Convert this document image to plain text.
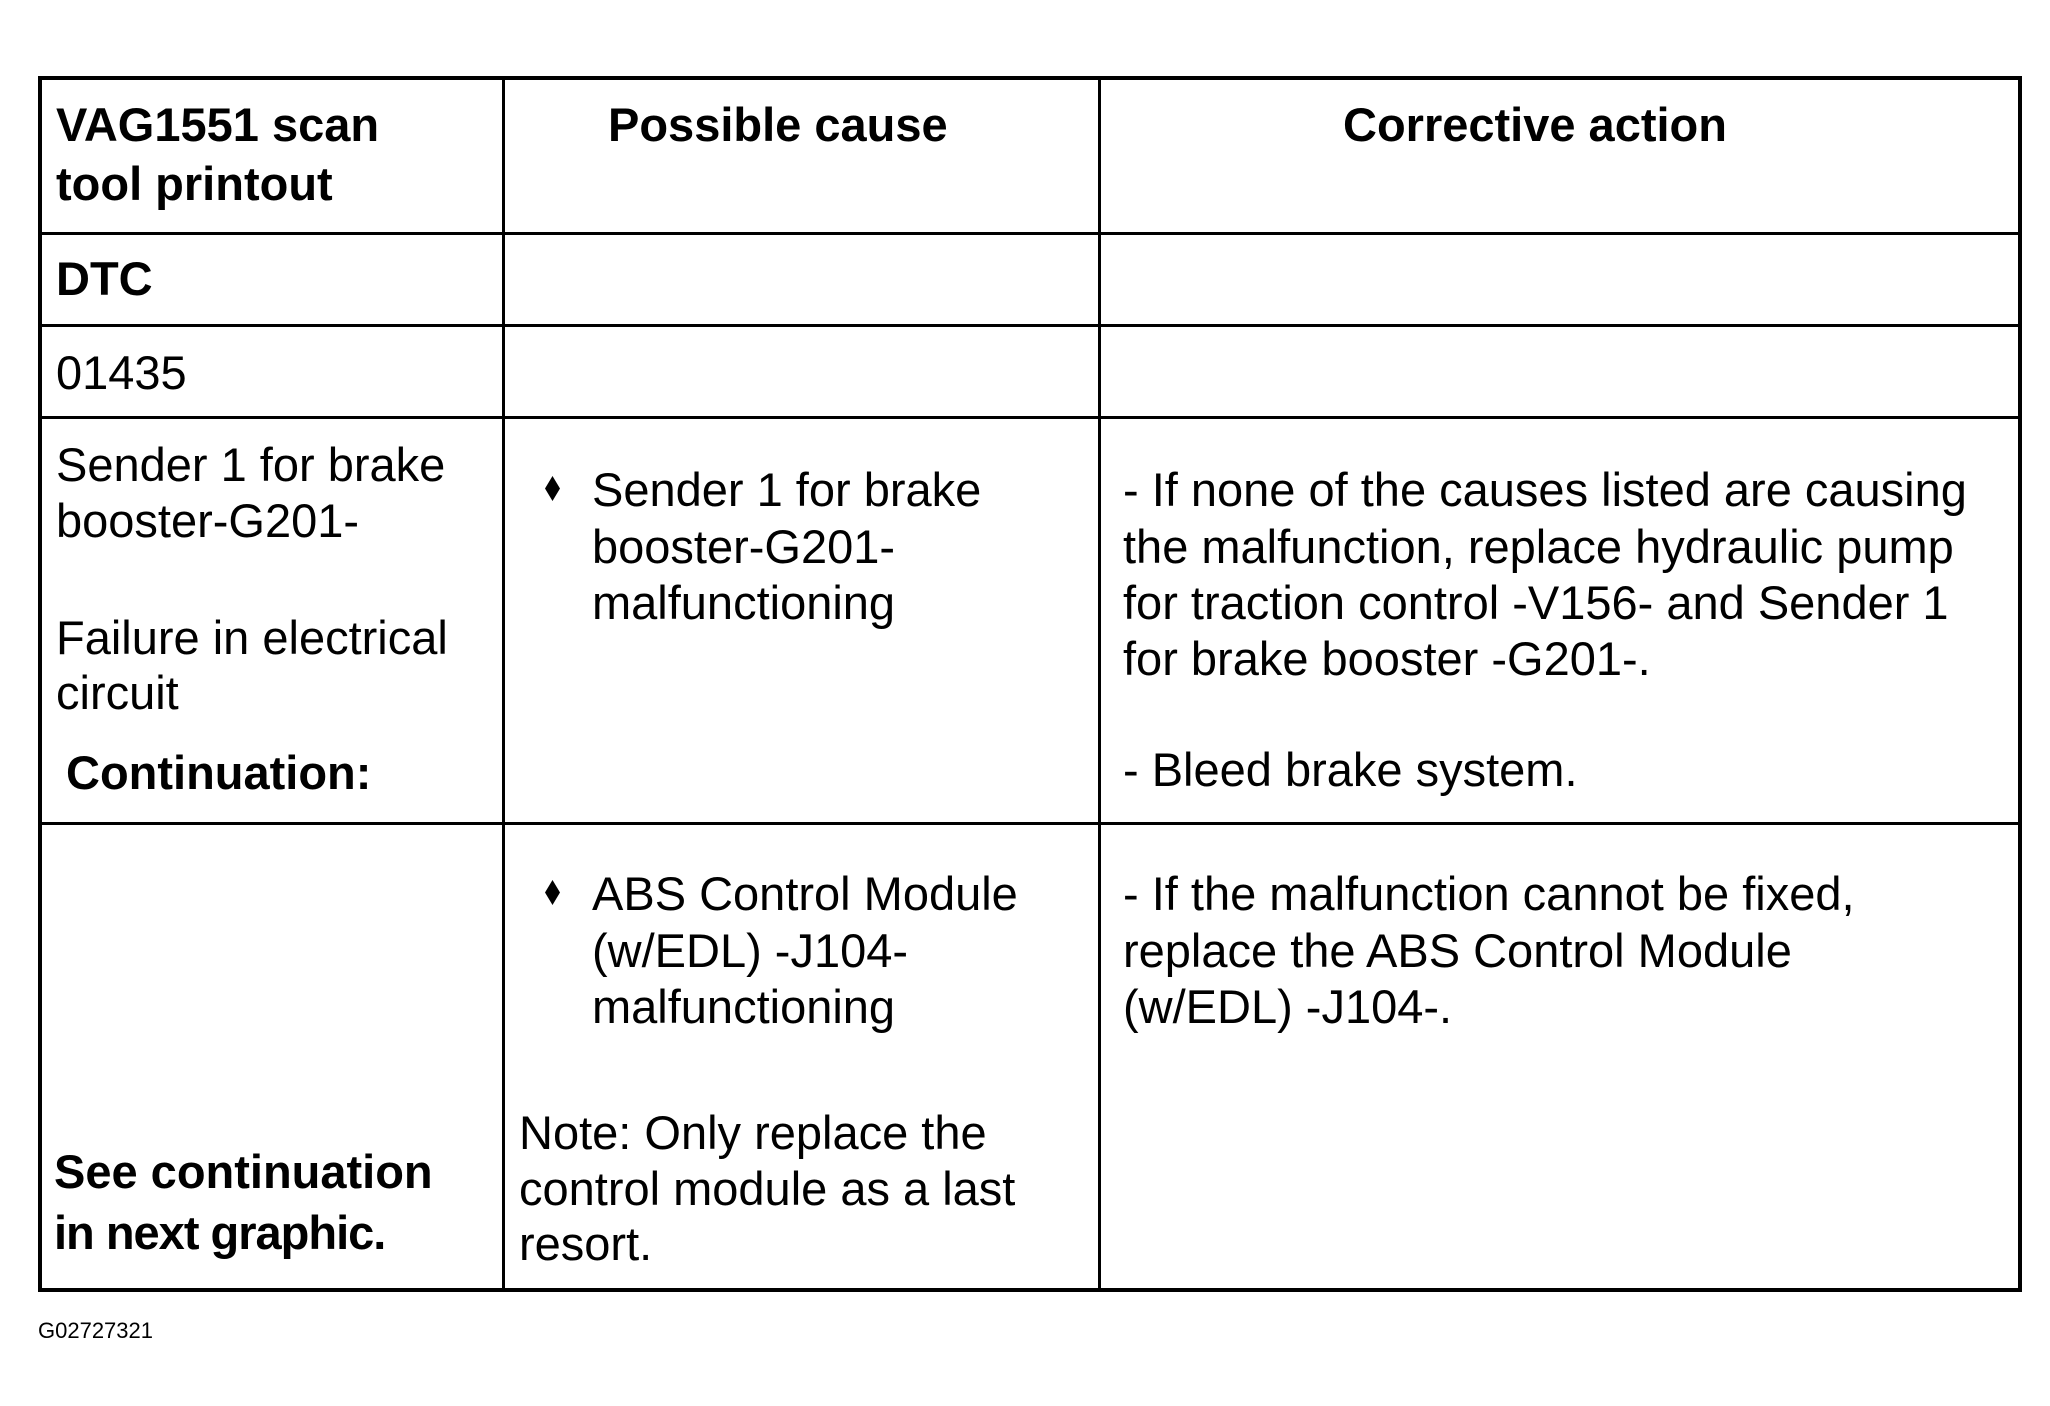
VAG1551 scan
tool printout
Possible cause	Corrective action
DTC
01435
Sender 1 for brake
booster-G201-
Failure in electrical
circuit
Continuation:
Sender 1 for brake
booster-G201-
malfunctioning
- If none of the causes listed are causing
the malfunction, replace hydraulic pump
for traction control -V156- and Sender 1
for brake booster -G201-.
- Bleed brake system.
ABS Control Module
(w/EDL) -J104-
malfunctioning
Note: Only replace the
control module as a last
resort.
- If the malfunction cannot be fixed,
replace the ABS Control Module
(w/EDL) -J104-.
See continuation
in next graphic.
G02727321
